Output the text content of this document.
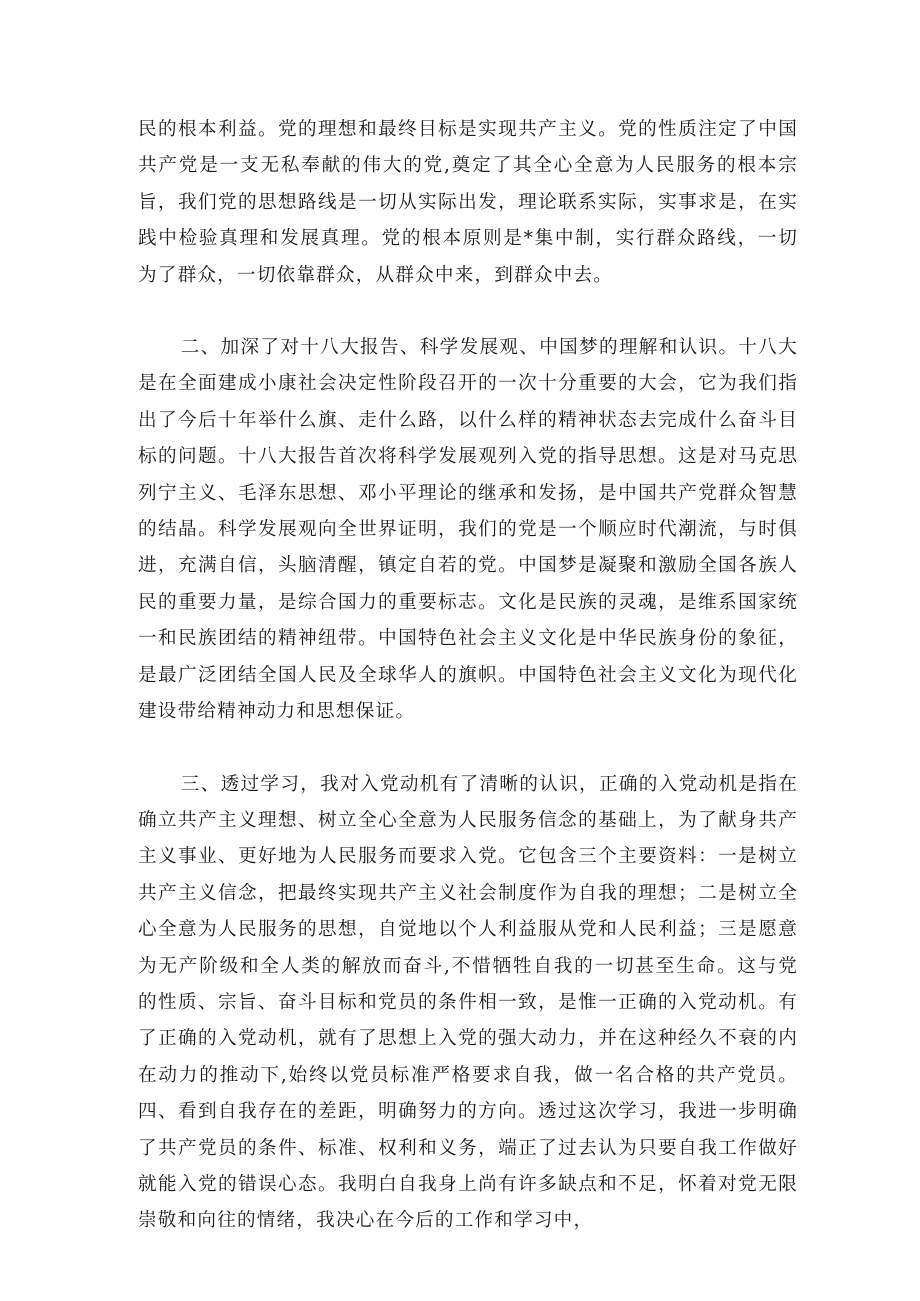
民的根本利益。党的理想和最终目标是实现共产主义。党的性质注定了中国共产党是一支无私奉献的伟大的党,奠定了其全心全意为人民服务的根本宗旨，我们党的思想路线是一切从实际出发，理论联系实际，实事求是，在实践中检验真理和发展真理。党的根本原则是*集中制，实行群众路线，一切为了群众，一切依靠群众，从群众中来，到群众中去。

二、加深了对十八大报告、科学发展观、中国梦的理解和认识。十八大是在全面建成小康社会决定性阶段召开的一次十分重要的大会，它为我们指出了今后十年举什么旗、走什么路，以什么样的精神状态去完成什么奋斗目标的问题。十八大报告首次将科学发展观列入党的指导思想。这是对马克思列宁主义、毛泽东思想、邓小平理论的继承和发扬，是中国共产党群众智慧的结晶。科学发展观向全世界证明，我们的党是一个顺应时代潮流，与时俱进，充满自信，头脑清醒，镇定自若的党。中国梦是凝聚和激励全国各族人民的重要力量，是综合国力的重要标志。文化是民族的灵魂，是维系国家统一和民族团结的精神纽带。中国特色社会主义文化是中华民族身份的象征，是最广泛团结全国人民及全球华人的旗帜。中国特色社会主义文化为现代化建设带给精神动力和思想保证。

三、透过学习，我对入党动机有了清晰的认识，正确的入党动机是指在确立共产主义理想、树立全心全意为人民服务信念的基础上，为了献身共产主义事业、更好地为人民服务而要求入党。它包含三个主要资料：一是树立共产主义信念，把最终实现共产主义社会制度作为自我的理想；二是树立全心全意为人民服务的思想，自觉地以个人利益服从党和人民利益；三是愿意为无产阶级和全人类的解放而奋斗,不惜牺牲自我的一切甚至生命。这与党的性质、宗旨、奋斗目标和党员的条件相一致，是惟一正确的入党动机。有了正确的入党动机，就有了思想上入党的强大动力，并在这种经久不衰的内在动力的推动下,始终以党员标准严格要求自我，做一名合格的共产党员。四、看到自我存在的差距，明确努力的方向。透过这次学习，我进一步明确了共产党员的条件、标准、权利和义务，端正了过去认为只要自我工作做好就能入党的错误心态。我明白自我身上尚有许多缺点和不足，怀着对党无限崇敬和向往的情绪，我决心在今后的工作和学习中，
